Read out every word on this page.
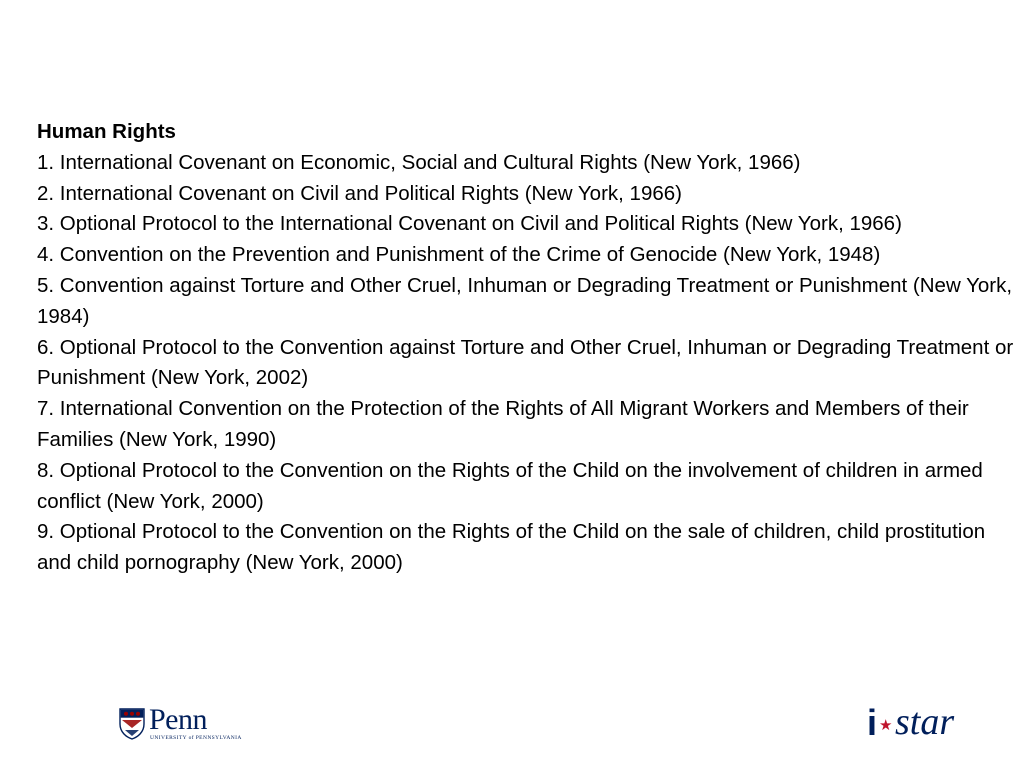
Human Rights
1. International Covenant on Economic, Social and Cultural Rights (New York, 1966)
2. International Covenant on Civil and Political Rights (New York, 1966)
3. Optional Protocol to the International Covenant on Civil and Political Rights (New York, 1966)
4. Convention on the Prevention and Punishment of the Crime of Genocide (New York, 1948)
5. Convention against Torture and Other Cruel, Inhuman or Degrading Treatment or Punishment (New York, 1984)
6. Optional Protocol to the Convention against Torture and Other Cruel, Inhuman or Degrading Treatment or Punishment (New York, 2002)
7. International Convention on the Protection of the Rights of All Migrant Workers and Members of their Families (New York, 1990)
8. Optional Protocol to the Convention on the Rights of the Child on the involvement of children in armed conflict (New York, 2000)
9. Optional Protocol to the Convention on the Rights of the Child on the sale of children, child prostitution and child pornography (New York, 2000)
Penn
UNIVERSITY of PENNSYLVANIA	i ★ star
